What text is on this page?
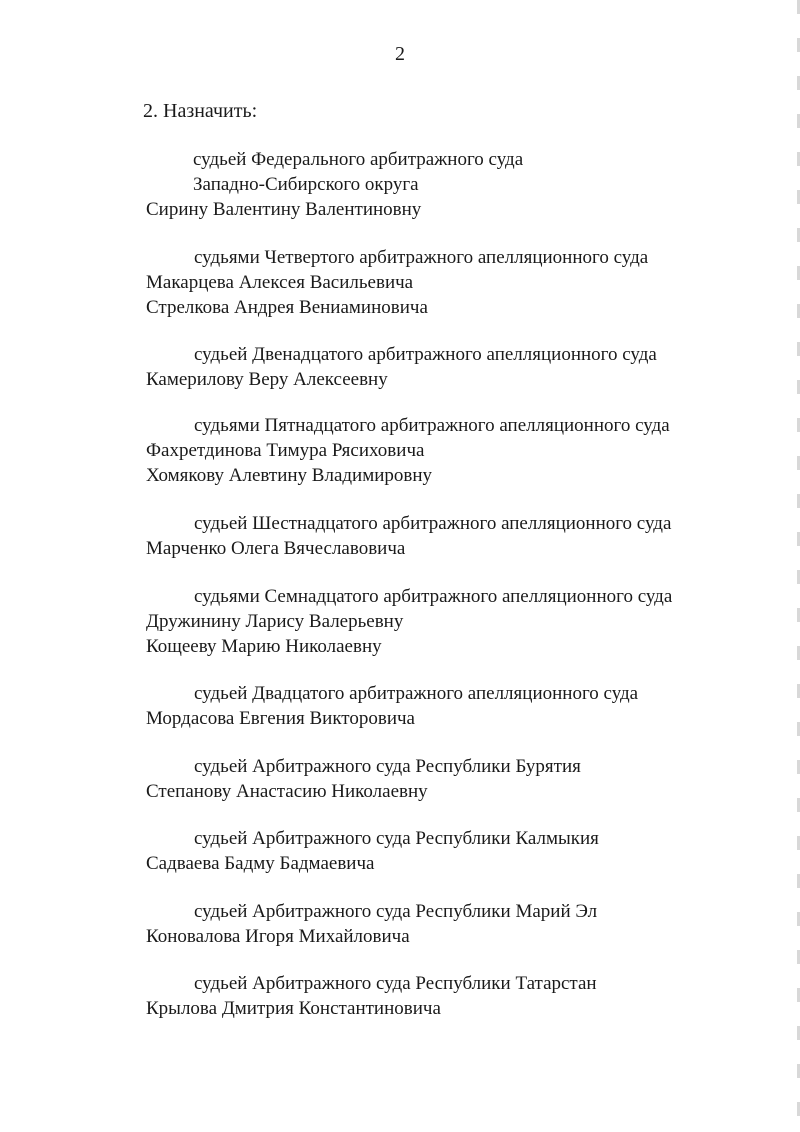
2
2. Назначить:
судьей Федерального арбитражного суда
Западно-Сибирского округа
Сирину Валентину Валентиновну
судьями Четвертого арбитражного апелляционного суда
Макарцева Алексея Васильевича
Стрелкова Андрея Вениаминовича
судьей Двенадцатого арбитражного апелляционного суда
Камерилову Веру Алексеевну
судьями Пятнадцатого арбитражного апелляционного суда
Фахретдинова Тимура Рясиховича
Хомякову Алевтину Владимировну
судьей Шестнадцатого арбитражного апелляционного суда
Марченко Олега Вячеславовича
судьями Семнадцатого арбитражного апелляционного суда
Дружинину Ларису Валерьевну
Кощееву Марию Николаевну
судьей Двадцатого арбитражного апелляционного суда
Мордасова Евгения Викторовича
судьей Арбитражного суда Республики Бурятия
Степанову Анастасию Николаевну
судьей Арбитражного суда Республики Калмыкия
Садваева Бадму Бадмаевича
судьей Арбитражного суда Республики Марий Эл
Коновалова Игоря Михайловича
судьей Арбитражного суда Республики Татарстан
Крылова Дмитрия Константиновича
